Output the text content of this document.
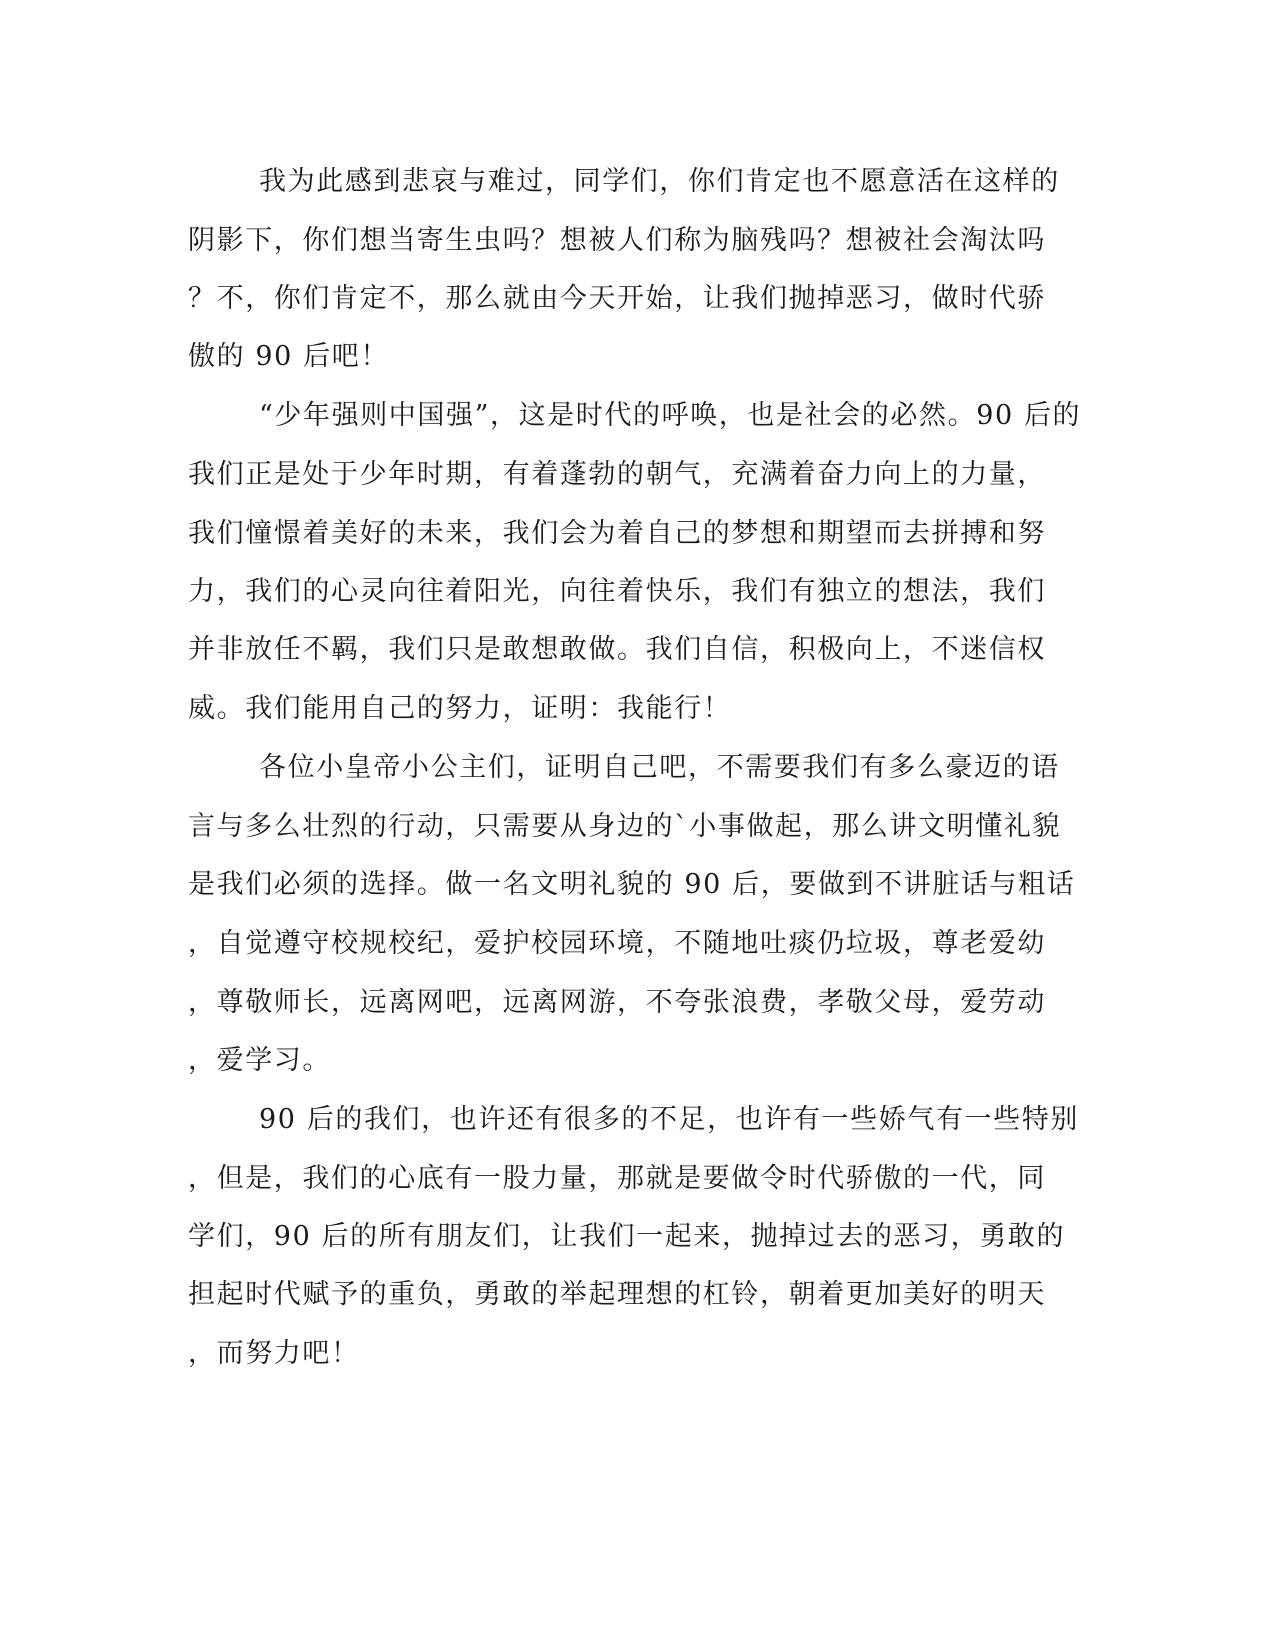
我为此感到悲哀与难过，同学们，你们肯定也不愿意活在这样的
阴影下，你们想当寄生虫吗？想被人们称为脑残吗？想被社会淘汰吗
？不，你们肯定不，那么就由今天开始，让我们抛掉恶习，做时代骄
傲的 90 后吧！
“少年强则中国强”，这是时代的呼唤，也是社会的必然。90 后的
我们正是处于少年时期，有着蓬勃的朝气，充满着奋力向上的力量，
我们憧憬着美好的未来，我们会为着自己的梦想和期望而去拼搏和努
力，我们的心灵向往着阳光，向往着快乐，我们有独立的想法，我们
并非放任不羁，我们只是敢想敢做。我们自信，积极向上，不迷信权
威。我们能用自己的努力，证明：我能行！
各位小皇帝小公主们，证明自己吧，不需要我们有多么豪迈的语
言与多么壮烈的行动，只需要从身边的`小事做起，那么讲文明懂礼貌
是我们必须的选择。做一名文明礼貌的 90 后，要做到不讲脏话与粗话
，自觉遵守校规校纪，爱护校园环境，不随地吐痰仍垃圾，尊老爱幼
，尊敬师长，远离网吧，远离网游，不夸张浪费，孝敬父母，爱劳动
，爱学习。
90 后的我们，也许还有很多的不足，也许有一些娇气有一些特别
，但是，我们的心底有一股力量，那就是要做令时代骄傲的一代，同
学们，90 后的所有朋友们，让我们一起来，抛掉过去的恶习，勇敢的
担起时代赋予的重负，勇敢的举起理想的杠铃，朝着更加美好的明天
，而努力吧！
